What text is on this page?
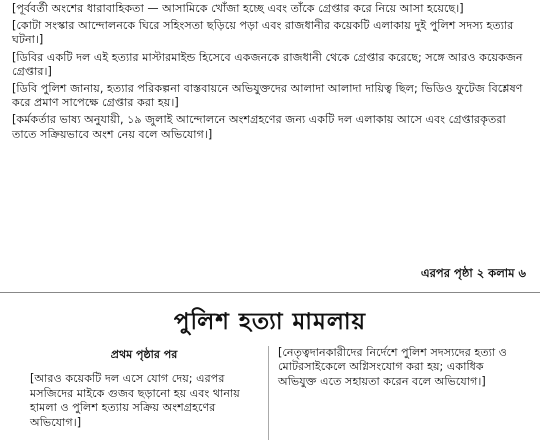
[পূর্ববর্তী অংশের ধারাবাহিকতা — আসামিকে খোঁজা হচ্ছে এবং তাঁকে গ্রেপ্তার করে নিয়ে আসা হয়েছে।]

[কোটা সংস্কার আন্দোলনকে ঘিরে সহিংসতা ছড়িয়ে পড়া এবং রাজধানীর কয়েকটি এলাকায় দুই পুলিশ সদস্য হত্যার ঘটনা।]

[ডিবির একটি দল এই হত্যার মাস্টারমাইন্ড হিসেবে একজনকে রাজধানী থেকে গ্রেপ্তার করেছে; সঙ্গে আরও কয়েকজন গ্রেপ্তার।]

[ডিবি পুলিশ জানায়, হত্যার পরিকল্পনা বাস্তবায়নে অভিযুক্তদের আলাদা আলাদা দায়িত্ব ছিল; ভিডিও ফুটেজ বিশ্লেষণ করে প্রমাণ সাপেক্ষে গ্রেপ্তার করা হয়।]

[কর্মকর্তার ভাষ্য অনুযায়ী, ১৯ জুলাই আন্দোলনে অংশগ্রহণের জন্য একটি দল এলাকায় আসে এবং গ্রেপ্তারকৃতরা তাতে সক্রিয়ভাবে অংশ নেয় বলে অভিযোগ।]

এরপর পৃষ্ঠা ২ কলাম ৬
পুলিশ হত্যা মামলায়
প্রথম পৃষ্ঠার পর

[আরও কয়েকটি দল এসে যোগ দেয়; এরপর মসজিদের মাইকে গুজব ছড়ানো হয় এবং থানায় হামলা ও পুলিশ হত্যায় সক্রিয় অংশগ্রহণের অভিযোগ।]

[নেতৃত্বদানকারীদের নির্দেশে পুলিশ সদস্যদের হত্যা ও মোটরসাইকেলে অগ্নিসংযোগ করা হয়; একাধিক অভিযুক্ত এতে সহায়তা করেন বলে অভিযোগ।]
